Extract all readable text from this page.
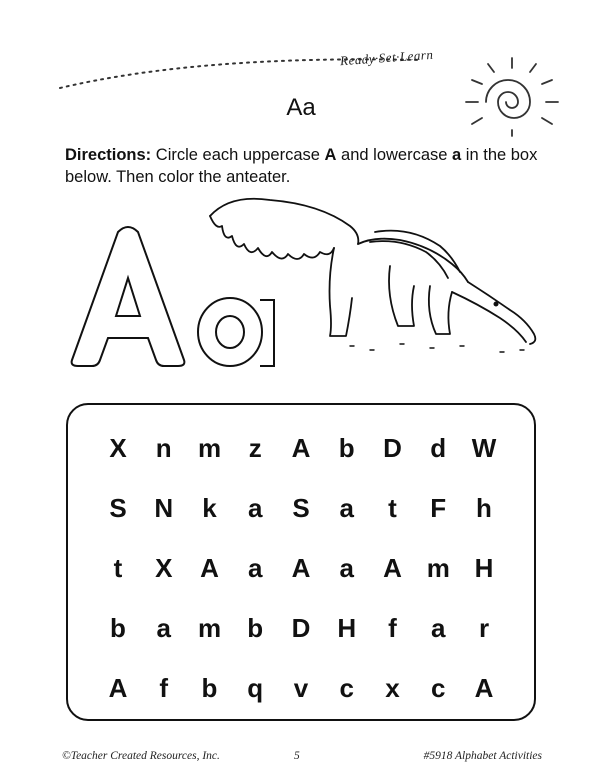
Ready·Set·Learn
Aa
Directions: Circle each uppercase A and lowercase a in the box below. Then color the anteater.
X	n	m	z	A	b	D	d W
S	N	k	a	S	a	t	F	h
t	X	A	a	A	a	A m H
b	a	m	b	D	H	f	a	r
A	f	b	q	v	c	x	c	A
©Teacher Created Resources, Inc.	5	#5918 Alphabet Activities
